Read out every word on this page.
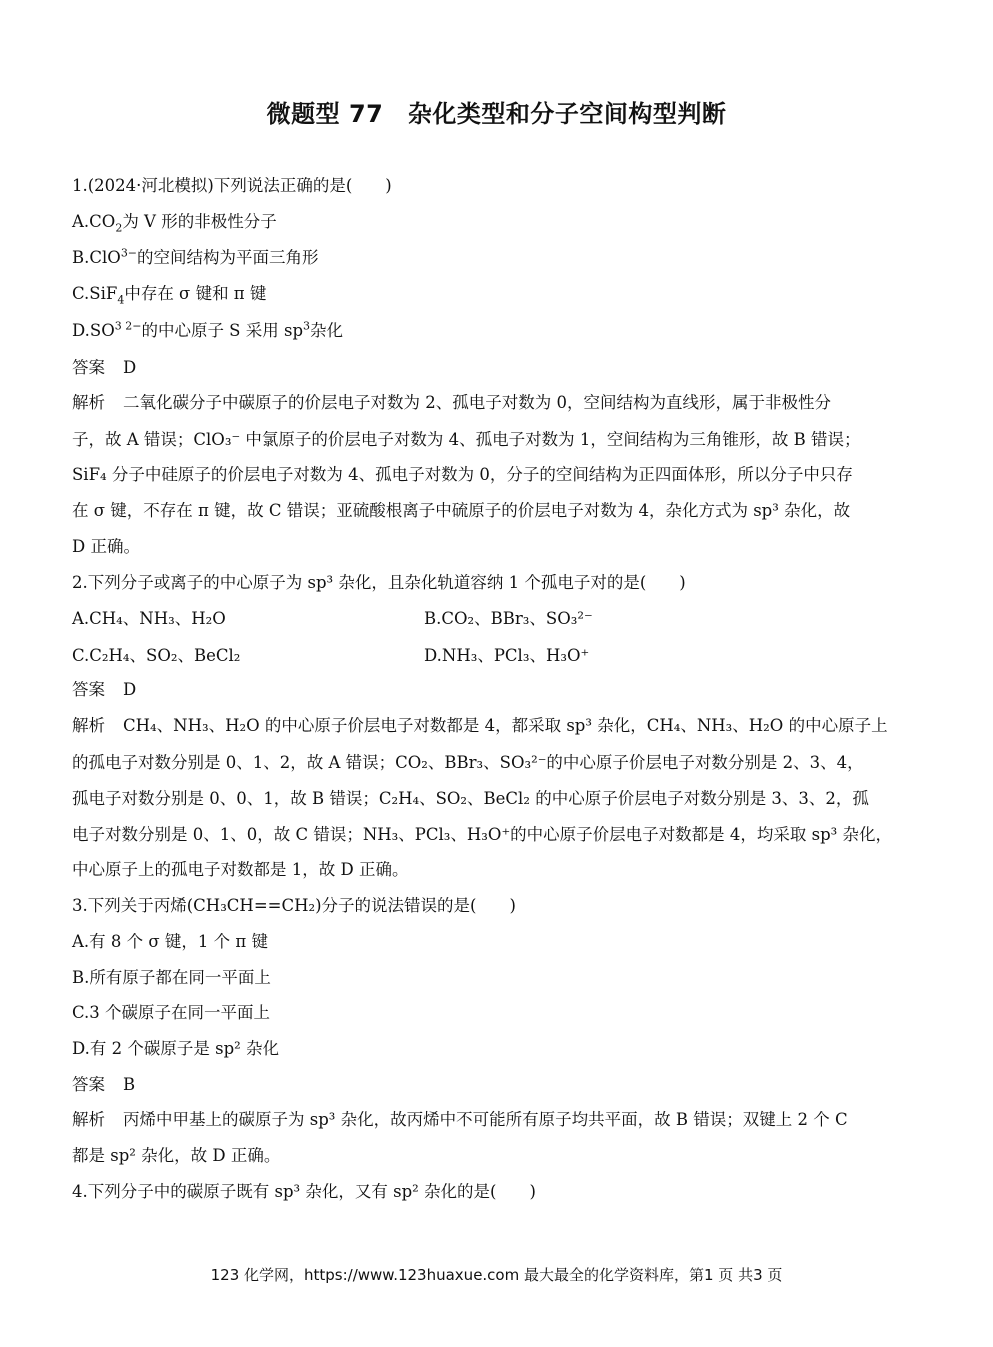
微题型 77　杂化类型和分子空间构型判断

1.(2024·河北模拟)下列说法正确的是(　　)

$A.CO_2$为 V 形的非极性分子

B.ClO$^{3-}$的空间结构为平面三角形

C.SiF$_4$中存在 σ 键和 π 键

$D.SO^{3 2-}$的中心原子 S 采用 $sp^3$杂化

答案 D

解析 二氧化碳分子中碳原子的价层电子对数为 2、孤电子对数为 0，空间结构为直线形，属于非极性分

子，故 A 错误；ClO₃⁻ 中氯原子的价层电子对数为 4、孤电子对数为 1，空间结构为三角锥形，故 B 错误；

SiF₄ 分子中硅原子的价层电子对数为 4、孤电子对数为 0，分子的空间结构为正四面体形，所以分子中只存

在 σ 键，不存在 π 键，故 C 错误；亚硫酸根离子中硫原子的价层电子对数为 4，杂化方式为 sp³ 杂化，故

D 正确。

2.下列分子或离子的中心原子为 sp³ 杂化，且杂化轨道容纳 1 个孤电子对的是(　　)

A.CH₄、NH₃、H₂O	B.CO₂、BBr₃、SO₃²⁻
C.C₂H₄、SO₂、BeCl₂	D.NH₃、PCl₃、H₃O⁺

答案 D

解析 CH₄、NH₃、H₂O 的中心原子价层电子对数都是 4，都采取 sp³ 杂化，CH₄、NH₃、H₂O 的中心原子上

的孤电子对数分别是 0、1、2，故 A 错误；CO₂、BBr₃、SO₃²⁻的中心原子价层电子对数分别是 2、3、4，

孤电子对数分别是 0、0、1，故 B 错误；C₂H₄、SO₂、BeCl₂ 的中心原子价层电子对数分别是 3、3、2，孤

电子对数分别是 0、1、0，故 C 错误；NH₃、PCl₃、H₃O⁺的中心原子价层电子对数都是 4，均采取 sp³ 杂化，

中心原子上的孤电子对数都是 1，故 D 正确。

3.下列关于丙烯(CH₃CH==CH₂)分子的说法错误的是(　　)

A.有 8 个 σ 键，1 个 π 键

B.所有原子都在同一平面上

C.3 个碳原子在同一平面上

D.有 2 个碳原子是 sp² 杂化

答案 B

解析 丙烯中甲基上的碳原子为 sp³ 杂化，故丙烯中不可能所有原子均共平面，故 B 错误；双键上 2 个 C

都是 sp² 杂化，故 D 正确。

4.下列分子中的碳原子既有 sp³ 杂化，又有 sp² 杂化的是(　　)

123 化学网，https://www.123huaxue.com 最大最全的化学资料库，第1 页 共3 页
